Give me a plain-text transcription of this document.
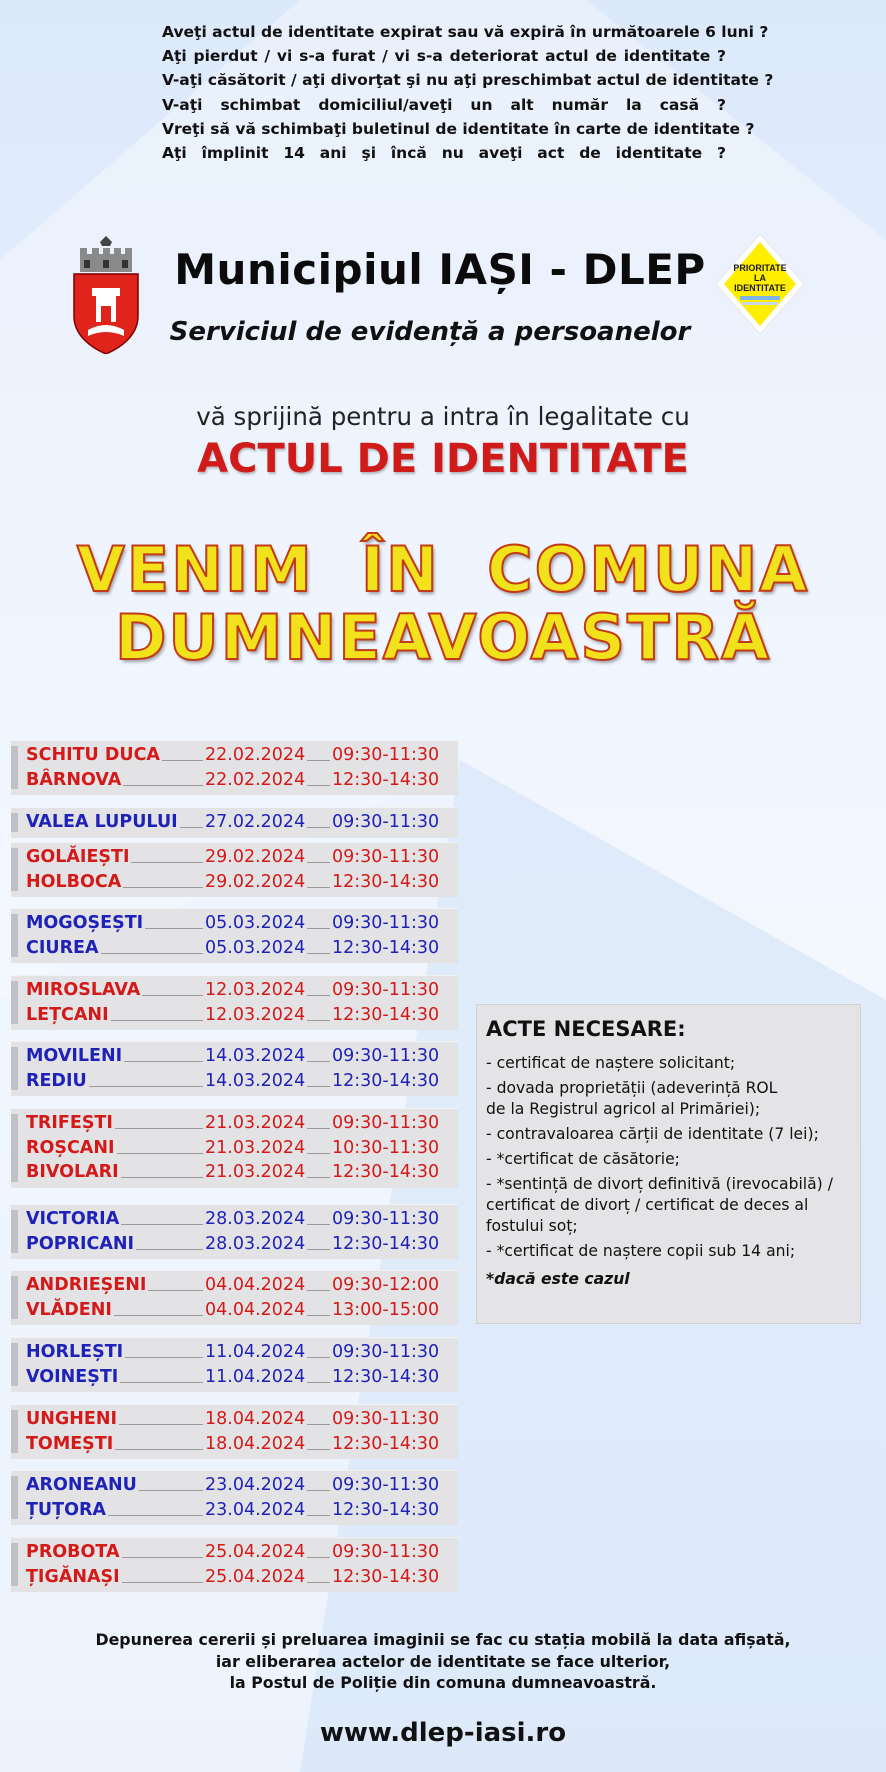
Aveţi actul de identitate expirat sau vă expiră în următoarele 6 luni ?
Aţi pierdut / vi s-a furat / vi s-a deteriorat actul de identitate ?
V-aţi căsătorit / aţi divorţat şi nu aţi preschimbat actul de identitate ?
V-aţi schimbat domiciliul/aveţi un alt număr la casă ?
Vreţi să vă schimbaţi buletinul de identitate în carte de identitate ?
Aţi împlinit 14 ani şi încă nu aveţi act de identitate ?
Municipiul IAȘI - DLEP
Serviciul de evidență a persoanelor
PRIORITATE
LA
IDENTITATE
vă sprijină pentru a intra în legalitate cu
ACTUL DE IDENTITATE
VENIM  ÎN  COMUNA
DUMNEAVOASTRĂ
SCHITU DUCA	22.02.2024 09:30-11:30
BÂRNOVA	22.02.2024 12:30-14:30
VALEA LUPULUI 27.02.2024 09:30-11:30
GOLĂIEȘTI	29.02.2024 09:30-11:30
HOLBOCA	29.02.2024 12:30-14:30
MOGOȘEȘTI	05.03.2024 09:30-11:30
CIUREA	05.03.2024 12:30-14:30
MIROSLAVA	12.03.2024 09:30-11:30
LEȚCANI	12.03.2024 12:30-14:30
MOVILENI	14.03.2024 09:30-11:30
REDIU	14.03.2024 12:30-14:30
TRIFEȘTI	21.03.2024 09:30-11:30
ROȘCANI	21.03.2024 10:30-11:30
BIVOLARI	21.03.2024 12:30-14:30
VICTORIA	28.03.2024 09:30-11:30
POPRICANI	28.03.2024 12:30-14:30
ANDRIEȘENI	04.04.2024 09:30-12:00
VLĂDENI	04.04.2024 13:00-15:00
HORLEȘTI	11.04.2024 09:30-11:30
VOINEȘTI	11.04.2024 12:30-14:30
UNGHENI	18.04.2024 09:30-11:30
TOMEȘTI	18.04.2024 12:30-14:30
ARONEANU	23.04.2024 09:30-11:30
ȚUȚORA	23.04.2024 12:30-14:30
PROBOTA	25.04.2024 09:30-11:30
ȚIGĂNAȘI	25.04.2024 12:30-14:30
ACTE NECESARE:
- certificat de naștere solicitant;
- dovada proprietății (adeverință ROL
de la Registrul agricol al Primăriei);
- contravaloarea cărții de identitate (7 lei);
- *certificat de căsătorie;
- *sentință de divorț definitivă (irevocabilă) /
certificat de divorț / certificat de deces al
fostului soț;
- *certificat de naștere copii sub 14 ani;
*dacă este cazul
Depunerea cererii și preluarea imaginii se fac cu stația mobilă la data afișată,
iar eliberarea actelor de identitate se face ulterior,
la Postul de Poliție din comuna dumneavoastră.
www.dlep-iasi.ro
